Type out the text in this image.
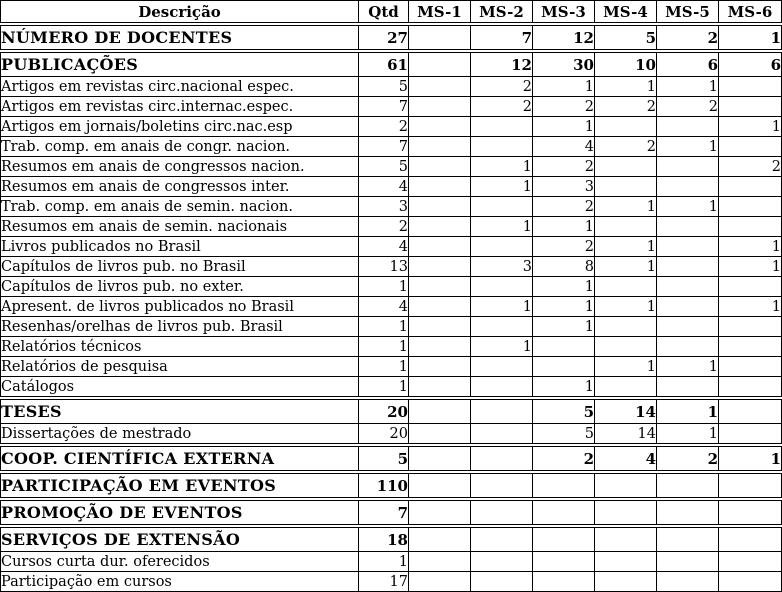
Descrição	Qtd	MS-1	MS-2	MS-3	MS-4	MS-5	MS-6
NÚMERO DE DOCENTES	27		7	12	5	2	1
PUBLICAÇÕES	61		12	30	10	6	6
Artigos em revistas circ.nacional espec.	5		2	1	1	1	
Artigos em revistas circ.internac.espec.	7		2	2	2	2	
Artigos em jornais/boletins circ.nac.esp	2			1			1
Trab. comp. em anais de congr. nacion.	7			4	2	1	
Resumos em anais de congressos nacion.	5		1	2			2
Resumos em anais de congressos inter.	4		1	3			
Trab. comp. em anais de semin. nacion.	3			2	1	1	
Resumos em anais de semin. nacionais	2		1	1			
Livros publicados no Brasil	4			2	1		1
Capítulos de livros pub. no Brasil	13		3	8	1		1
Capítulos de livros pub. no exter.	1			1			
Apresent. de livros publicados no Brasil	4		1	1	1		1
Resenhas/orelhas de livros pub. Brasil	1			1			
Relatórios técnicos	1		1				
Relatórios de pesquisa	1				1	1	
Catálogos	1			1			
TESES	20			5	14	1	
Dissertações de mestrado	20			5	14	1	
COOP. CIENTÍFICA EXTERNA	5			2	4	2	1
PARTICIPAÇÃO EM EVENTOS	110						
PROMOÇÃO DE EVENTOS	7						
SERVIÇOS DE EXTENSÃO	18						
Cursos curta dur. oferecidos	1						
Participação em cursos	17						
